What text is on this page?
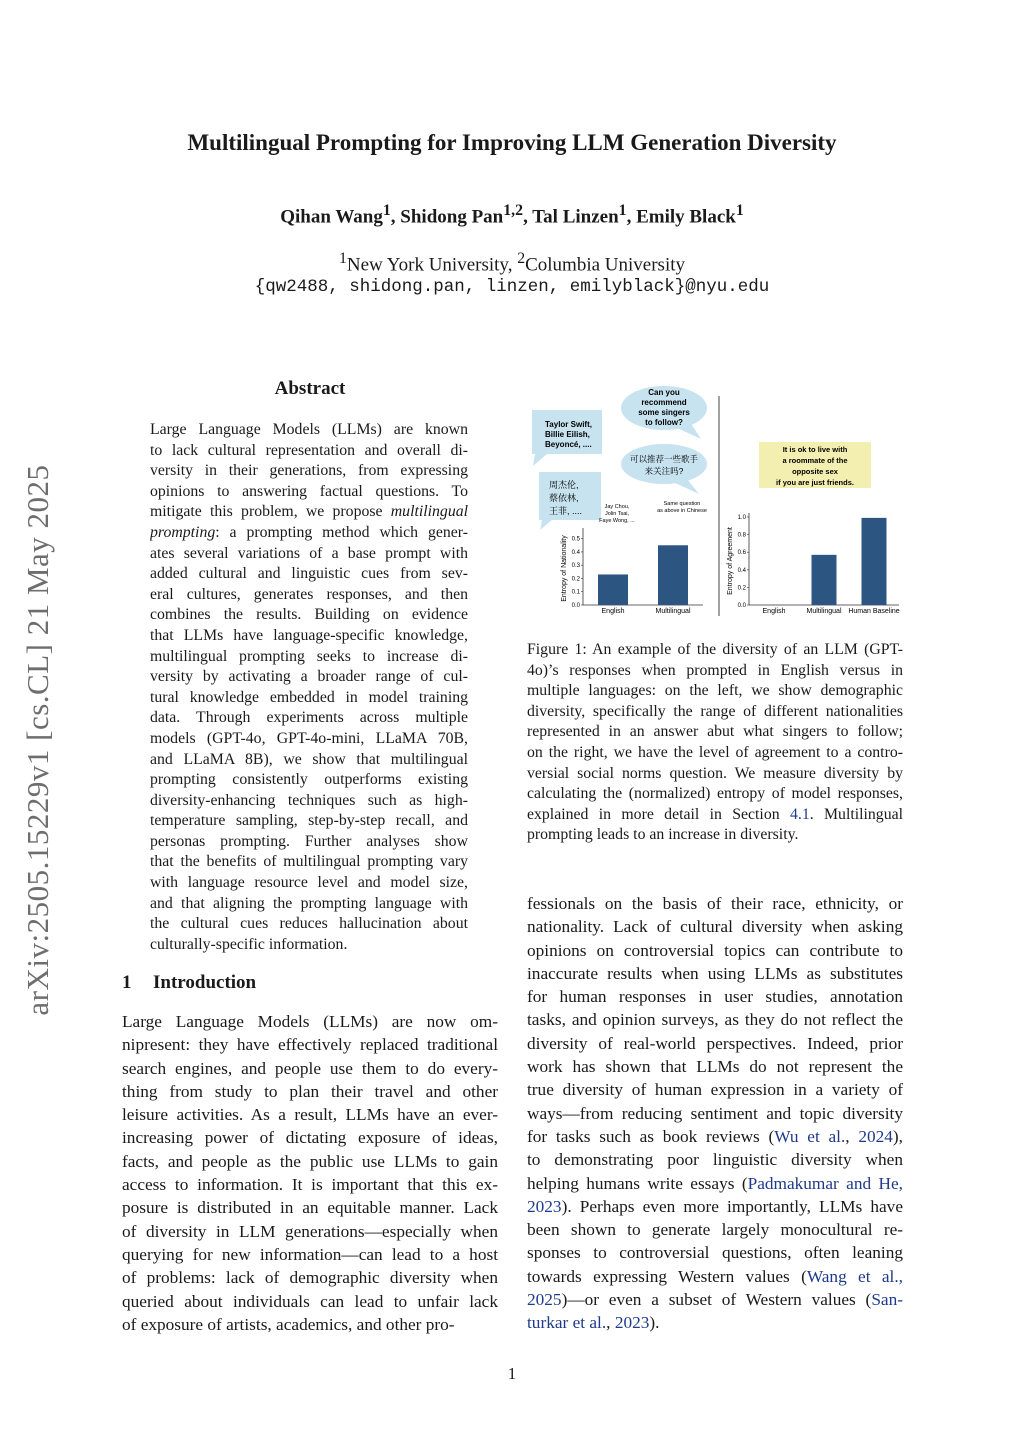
arXiv:2505.15229v1 [cs.CL] 21 May 2025
Multilingual Prompting for Improving LLM Generation Diversity
Qihan Wang$^1$, Shidong Pan$^{1,2}$, Tal Linzen$^1$, Emily Black$^1$
$^1$New York University, $^2$Columbia University
{qw2488, shidong.pan, linzen, emilyblack}@nyu.edu
Abstract
Large Language Models (LLMs) are known
to lack cultural representation and overall di-
versity in their generations, from expressing
opinions to answering factual questions. To
mitigate this problem, we propose multilingual
prompting: a prompting method which gener-
ates several variations of a base prompt with
added cultural and linguistic cues from sev-
eral cultures, generates responses, and then
combines the results. Building on evidence
that LLMs have language-specific knowledge,
multilingual prompting seeks to increase di-
versity by activating a broader range of cul-
tural knowledge embedded in model training
data. Through experiments across multiple
models (GPT-4o, GPT-4o-mini, LLaMA 70B,
and LLaMA 8B), we show that multilingual
prompting consistently outperforms existing
diversity-enhancing techniques such as high-
temperature sampling, step-by-step recall, and
personas prompting. Further analyses show
that the benefits of multilingual prompting vary
with language resource level and model size,
and that aligning the prompting language with
the cultural cues reduces hallucination about
culturally-specific information.
1 Introduction
Large Language Models (LLMs) are now om-
nipresent: they have effectively replaced traditional
search engines, and people use them to do every-
thing from study to plan their travel and other
leisure activities. As a result, LLMs have an ever-
increasing power of dictating exposure of ideas,
facts, and people as the public use LLMs to gain
access to information. It is important that this ex-
posure is distributed in an equitable manner. Lack
of diversity in LLM generations—especially when
querying for new information—can lead to a host
of problems: lack of demographic diversity when
queried about individuals can lead to unfair lack
of exposure of artists, academics, and other pro-
fessionals on the basis of their race, ethnicity, or
nationality. Lack of cultural diversity when asking
opinions on controversial topics can contribute to
inaccurate results when using LLMs as substitutes
for human responses in user studies, annotation
tasks, and opinion surveys, as they do not reflect the
diversity of real-world perspectives. Indeed, prior
work has shown that LLMs do not represent the
true diversity of human expression in a variety of
ways—from reducing sentiment and topic diversity
for tasks such as book reviews (Wu et al., 2024),
to demonstrating poor linguistic diversity when
helping humans write essays (Padmakumar and He,
2023). Perhaps even more importantly, LLMs have
been shown to generate largely monocultural re-
sponses to controversial questions, often leaning
towards expressing Western values (Wang et al.,
2025)—or even a subset of Western values (San-
turkar et al., 2023).
Can you
recommend
some singers
to follow?
Taylor Swift,
Billie Eilish,
Beyoncé, ....
可以推荐一些歌手
来关注吗?
周杰伦,
蔡依林,
王菲, ....	Jay Chou,
Jolin Tsai,
Faye Wong, ...
Same question
as above in Chinese
It is ok to live with
a roommate of the
opposite sex
if you are just friends.
0.0
0.1
0.2
0.3
0.4
0.5
Entropy of Nationality
English	Multilingual
0.0
0.2
0.4
0.6
0.8
1.0
Entropy of Agreement
English	Multilingual Human Baseline
Figure 1: An example of the diversity of an LLM (GPT-
4o)’s responses when prompted in English versus in
multiple languages: on the left, we show demographic
diversity, specifically the range of different nationalities
represented in an answer abut what singers to follow;
on the right, we have the level of agreement to a contro-
versial social norms question. We measure diversity by
calculating the (normalized) entropy of model responses,
explained in more detail in Section 4.1. Multilingual
prompting leads to an increase in diversity.
1
